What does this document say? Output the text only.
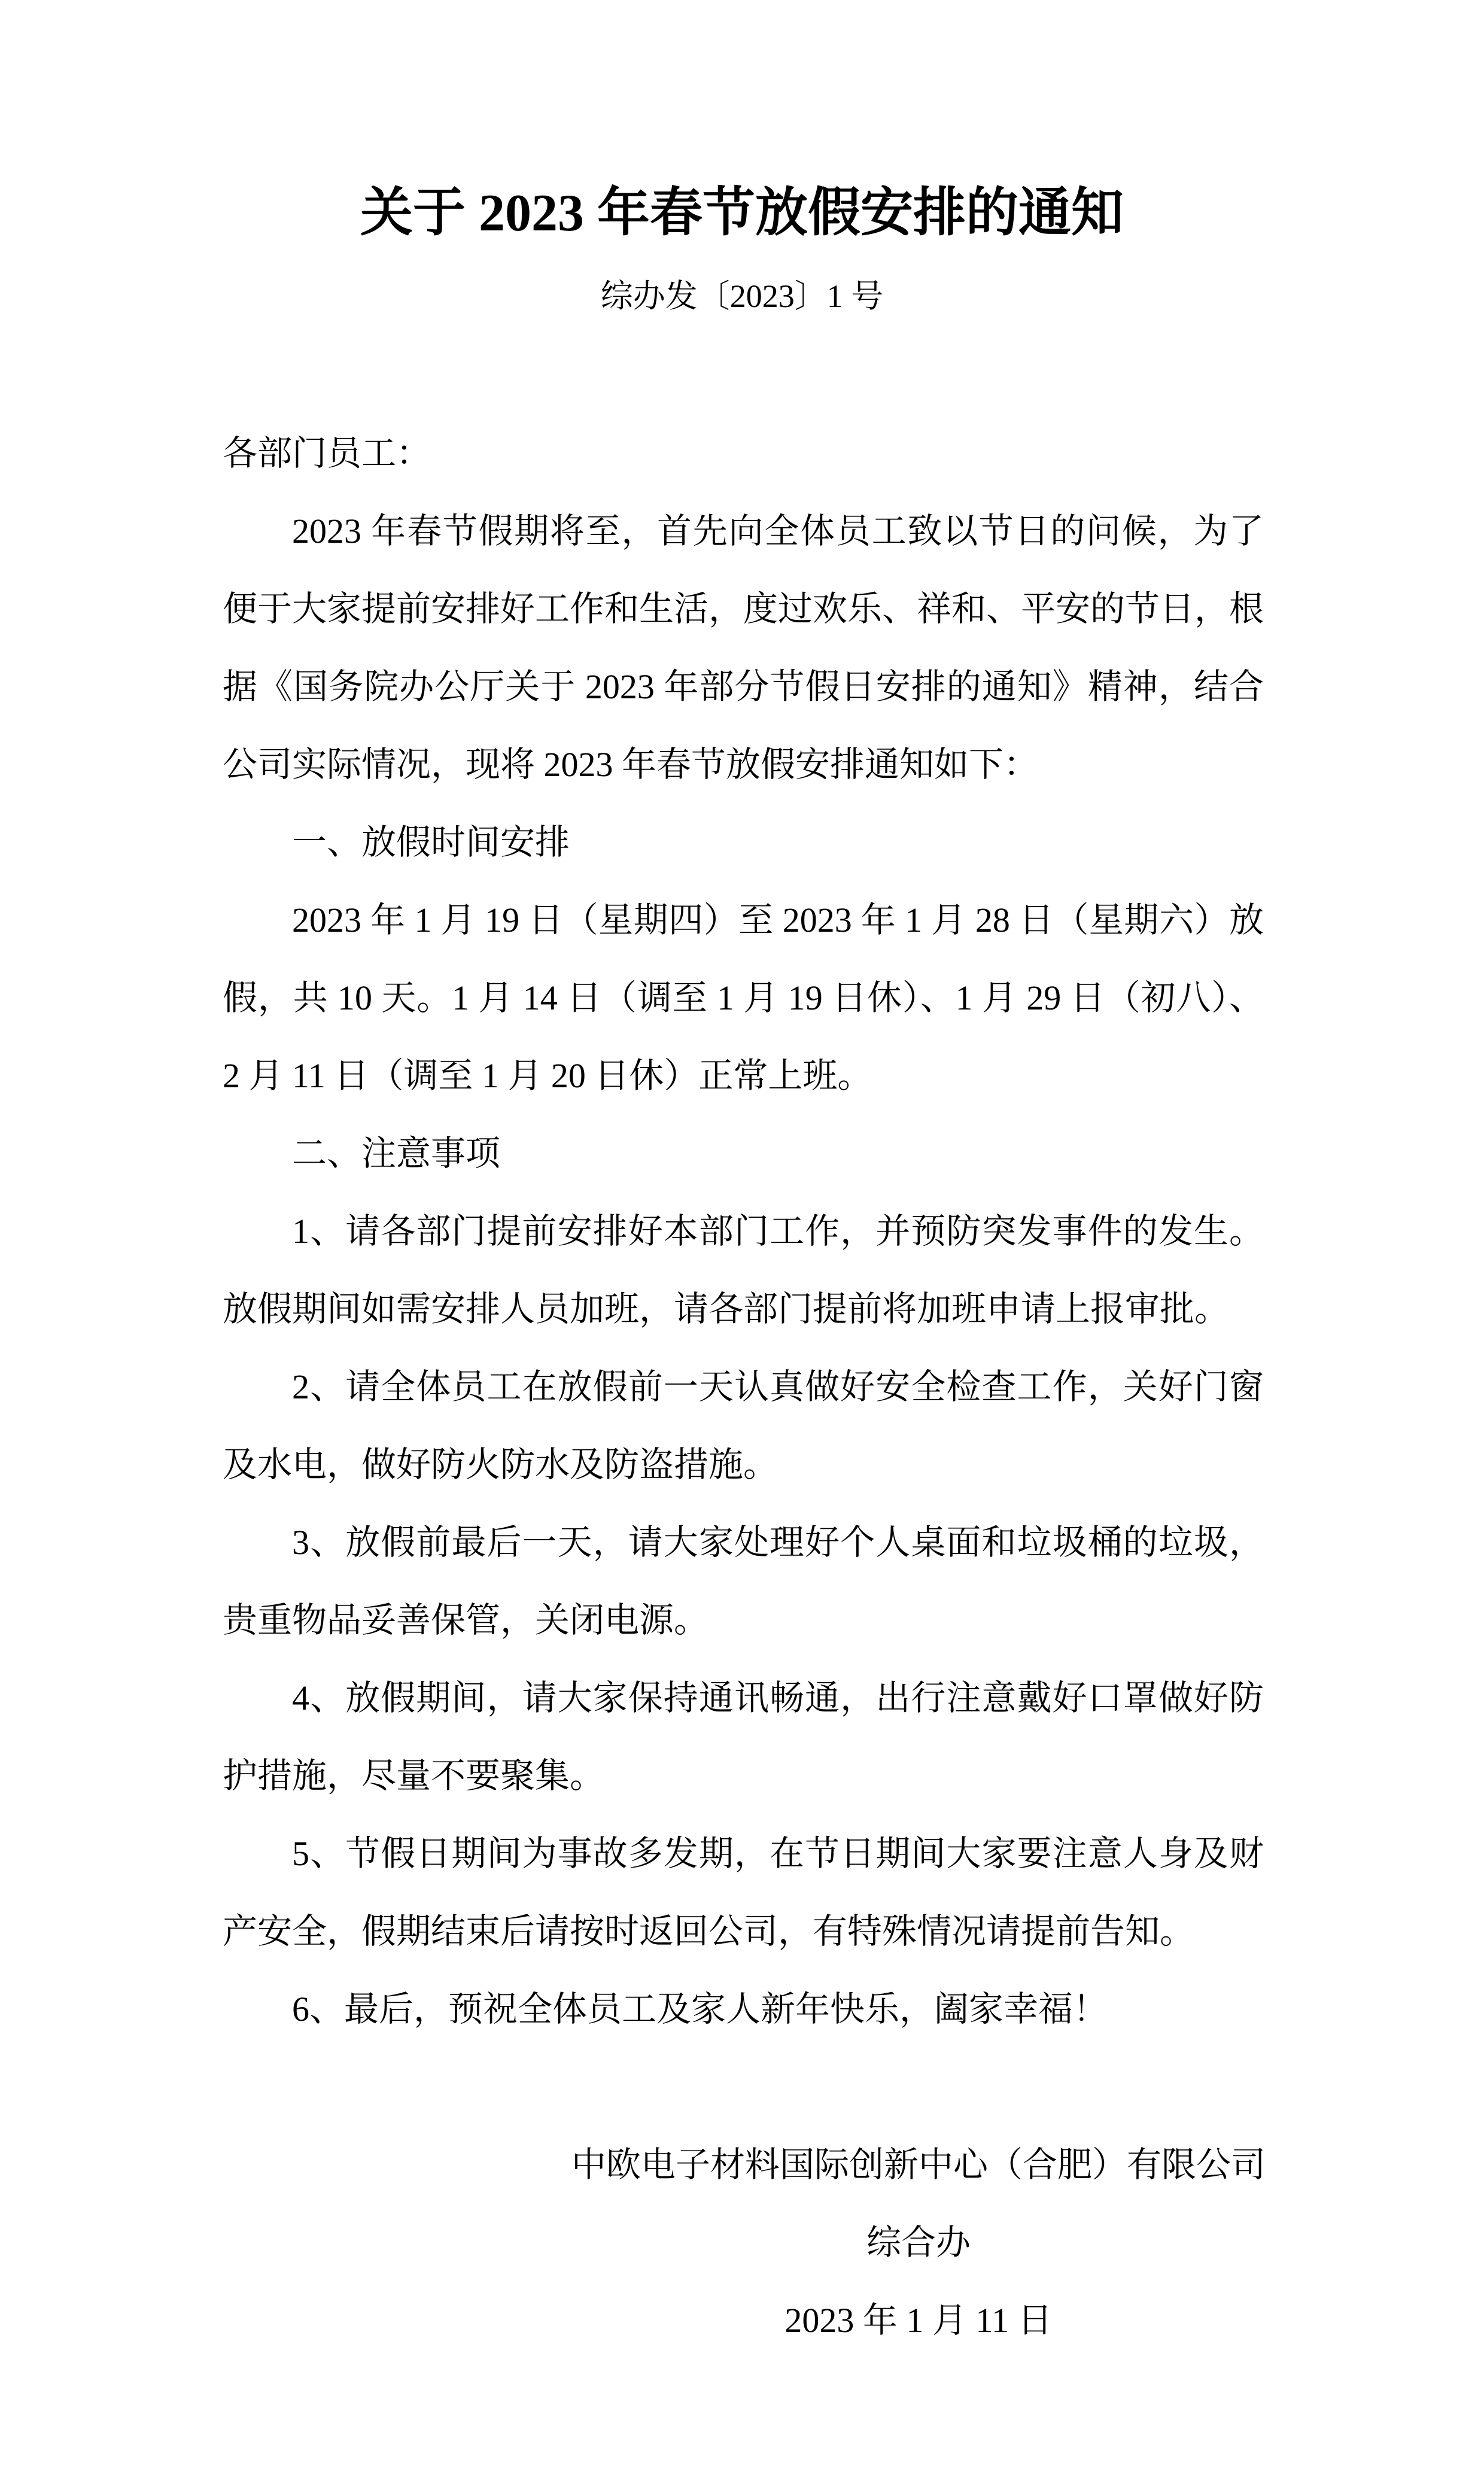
关于 2023 年春节放假安排的通知
综办发〔2023〕1 号
各部门员工：
2023 年春节假期将至，首先向全体员工致以节日的问候，为了
便于大家提前安排好工作和生活，度过欢乐、祥和、平安的节日，根
据《国务院办公厅关于 2023 年部分节假日安排的通知》精神，结合
公司实际情况，现将 2023 年春节放假安排通知如下：
一、放假时间安排
2023 年 1 月 19 日（星期四）至 2023 年 1 月 28 日（星期六）放
假，共 10 天。1 月 14 日（调至 1 月 19 日休）、1 月 29 日（初八）、
2 月 11 日（调至 1 月 20 日休）正常上班。
二、注意事项
1、请各部门提前安排好本部门工作，并预防突发事件的发生。
放假期间如需安排人员加班，请各部门提前将加班申请上报审批。
2、请全体员工在放假前一天认真做好安全检查工作，关好门窗
及水电，做好防火防水及防盗措施。
3、放假前最后一天，请大家处理好个人桌面和垃圾桶的垃圾，
贵重物品妥善保管，关闭电源。
4、放假期间，请大家保持通讯畅通，出行注意戴好口罩做好防
护措施，尽量不要聚集。
5、节假日期间为事故多发期，在节日期间大家要注意人身及财
产安全，假期结束后请按时返回公司，有特殊情况请提前告知。
6、最后，预祝全体员工及家人新年快乐，阖家幸福！
中欧电子材料国际创新中心（合肥）有限公司
综合办
2023 年 1 月 11 日
